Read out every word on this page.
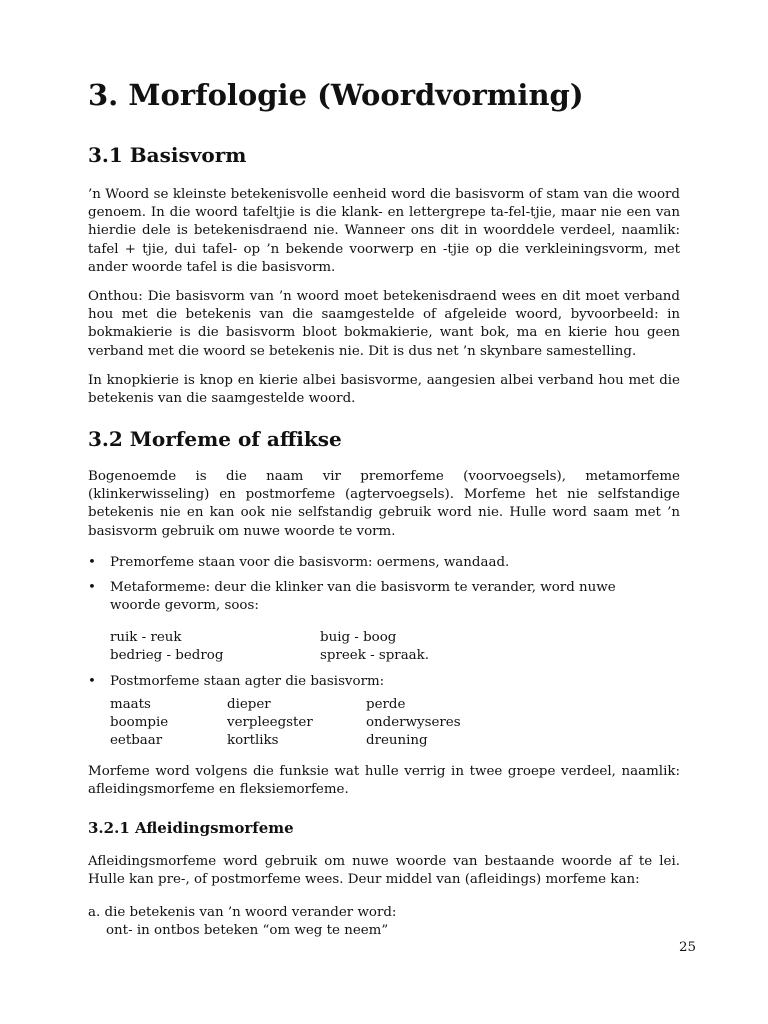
3. Morfologie (Woordvorming)
3.1 Basisvorm

’n Woord se kleinste betekenisvolle eenheid word die basisvorm of stam van die woord genoem. In die woord tafeltjie is die klank- en lettergrepe ta-fel-tjie, maar nie een van hierdie dele is betekenisdraend nie. Wanneer ons dit in woorddele verdeel, naamlik: tafel + tjie, dui tafel- op ’n bekende voorwerp en -tjie op die verkleiningsvorm, met ander woorde tafel is die basisvorm.

Onthou: Die basisvorm van ’n woord moet betekenisdraend wees en dit moet verband hou met die betekenis van die saamgestelde of afgeleide woord, byvoorbeeld: in bokmakierie is die basisvorm bloot bokmakierie, want bok, ma en kierie hou geen verband met die woord se betekenis nie. Dit is dus net ’n skynbare samestelling.

In knopkierie is knop en kierie albei basisvorme, aangesien albei verband hou met die betekenis van die saamgestelde woord.

3.2 Morfeme of affikse

Bogenoemde is die naam vir premorfeme (voorvoegsels), metamorfeme (klinkerwisseling) en postmorfeme (agtervoegsels). Morfeme het nie selfstandige betekenis nie en kan ook nie selfstandig gebruik word nie. Hulle word saam met ’n basisvorm gebruik om nuwe woorde te vorm.

• Premorfeme staan voor die basisvorm: oermens, wandaad.
• Metaformeme: deur die klinker van die basisvorm te verander, word nuwe woorde gevorm, soos:
ruik - reuk	buig - boog
bedrieg - bedrog	spreek - spraak.
• Postmorfeme staan agter die basisvorm:
maats	dieper	perde
boompie	verpleegster	onderwyseres
eetbaar	kortliks	dreuning

Morfeme word volgens die funksie wat hulle verrig in twee groepe verdeel, naamlik: afleidingsmorfeme en fleksiemorfeme.

3.2.1 Afleidingsmorfeme

Afleidingsmorfeme word gebruik om nuwe woorde van bestaande woorde af te lei. Hulle kan pre-, of postmorfeme wees. Deur middel van (afleidings) morfeme kan:

a. die betekenis van ’n woord verander word:
ont- in ontbos beteken “om weg te neem”
25
